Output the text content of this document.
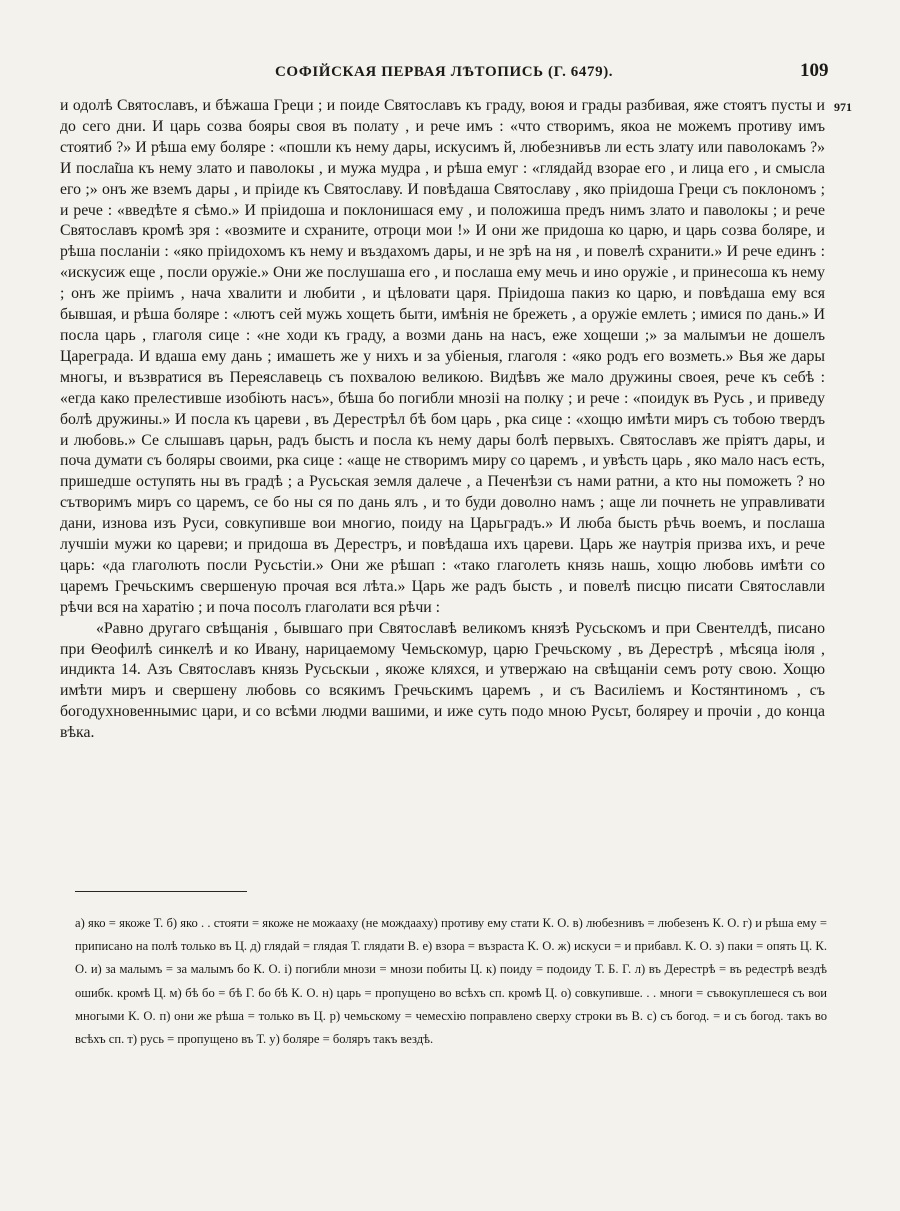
СОФІЙСКАЯ ПЕРВАЯ ЛѢТОПИСЬ (Г. 6479).	109
971

и одолѣ Святославъ, и бѣжаша Греци ; и поиде Святославъ къ граду, воюя и грады разбивая, яже стоятъ пусты и до сего дни. И царь созва бояры своя въ полату , и рече имъ : «что створимъ, якоа не можемъ противу имъ стоятиб ?» И рѣша ему боляре : «пошли къ нему дары, искусимъ й, любезнивъв ли есть злату или паволокамъ ?» И посла̃ша къ нему злато и паволокы , и мужа мудра , и рѣша емуг : «глядайд взорае его , и лица его , и смысла его ;» онъ же вземъ дары , и прiиде къ Святославу. И повѣдаша Святославу , яко прiидоша Греци съ поклономъ ; и рече : «введѣте я сѣмо.» И прiидоша и поклонишася ему , и положиша предъ нимъ злато и паволокы ; и рече Святославъ кромѣ зря : «возмите и схраните, отроци мои !» И они же придоша ко царю, и царь созва боляре, и рѣша посланiи : «яко прiидохомъ къ нему и въздахомъ дары, и не зрѣ на ня , и повелѣ схранити.» И рече единъ : «искусиж еще , посли оружiе.» Они же послушаша его , и послаша ему мечь и ино оружiе , и принесоша къ нему ; онъ же прiимъ , нача хвалити и любити , и цѣловати царя. Прiидоша пакиз ко царю, и повѣдаша ему вся бывшая, и рѣша боляре : «лютъ сей мужь хощеть быти, имѣнiя не брежеть , а оружiе емлеть ; имися по дань.» И посла царь , глаголя сице : «не ходи къ граду, а возми дань на насъ, еже хощеши ;» за малымъи не дошелъ Цареграда. И вдаша ему дань ; имашеть же у нихъ и за убiеныя, глаголя : «яко родъ его возметь.» Вья же дары многы, и възвратися въ Переяславець съ похвалою великою. Видѣвъ же мало дружины своея, рече къ себѣ : «егда како прелестивше изобiють насъ», бѣша бо погибли мнозii на полку ; и рече : «поидук въ Русь , и приведу болѣ дружины.» И посла къ цареви , въ Дерестрѣл бѣ бом царь , рка сице : «хощю имѣти миръ съ тобою твердъ и любовь.» Се слышавъ царьн, радъ бысть и посла къ нему дары болѣ первыхъ. Святославъ же прiятъ дары, и поча думати съ боляры своими, рка сице : «аще не створимъ миру со царемъ , и увѣсть царь , яко мало насъ есть, пришедше оступять ны въ градѣ ; а Русьская земля далече , а Печенѣзи съ нами ратни, а кто ны поможеть ? но сътворимъ миръ со царемъ, се бо ны ся по дань ялъ , и то буди доволно намъ ; аще ли почнеть не управливати дани, изнова изъ Руси, совкупивше вои многио, поиду на Царьградъ.» И люба бысть рѣчь воемъ, и послаша лучшiи мужи ко цареви; и придоша въ Дерестръ, и повѣдаша ихъ цареви. Царь же наутрiя призва ихъ, и рече царь: «да глаголють посли Русьстiи.» Они же рѣшап : «тако глаголеть князь нашь, хощю любовь имѣти со царемъ Гречьскимъ свершеную прочая вся лѣта.» Царь же радъ бысть , и повелѣ писцю писати Святославли рѣчи вся на харатiю ; и поча посолъ глаголати вся рѣчи :

«Равно другаго свѣщанiя , бывшаго при Святославѣ великомъ князѣ Русьскомъ и при Свентелдѣ, писано при Ѳеофилѣ синкелѣ и ко Ивану, нарицаемому Чемьскомур, царю Гречьскому , въ Дерестрѣ , мѣсяца iюля , индикта 14. Азъ Святославъ князь Русьскыи , якоже кляхся, и утвержаю на свѣщанiи семъ роту свою. Хощю имѣти миръ и свершену любовь со всякимъ Гречьскимъ царемъ , и съ Василiемъ и Костянтиномъ , съ богодухновеннымис цари, и со всѣми людми вашими, и иже суть подо мною Русьт, боляреу и прочiи , до конца вѣка.

а) яко = якоже Т. б) яко . . стояти = якоже не можааху (не мождааху) противу ему стати К. О. в) любезнивъ = любезенъ К. О. г) и рѣша ему = приписано на полѣ только въ Ц. д) глядай = глядая Т. глядати В. е) взора = възраста К. О. ж) искуси = и прибавл. К. О. з) паки = опять Ц. К. О. и) за малымъ = за малымъ бо К. О. i) погибли мнози = мнози побиты Ц. к) поиду = подоиду Т. Б. Г. л) въ Дерестрѣ = въ редестрѣ вездѣ ошибк. кромѣ Ц. м) бѣ бо = бѣ Г. бо бѣ К. О. н) царь = пропущено во всѣхъ сп. кромѣ Ц. о) совкупивше. . . многи = съвокуплешеся съ вои многыми К. О. п) они же рѣша = только въ Ц. р) чемьскому = чемесхiю поправлено сверху строки въ В. с) съ богод. = и съ богод. такъ во всѣхъ сп. т) русь = пропущено въ Т. у) боляре = боляръ такъ вездѣ.
